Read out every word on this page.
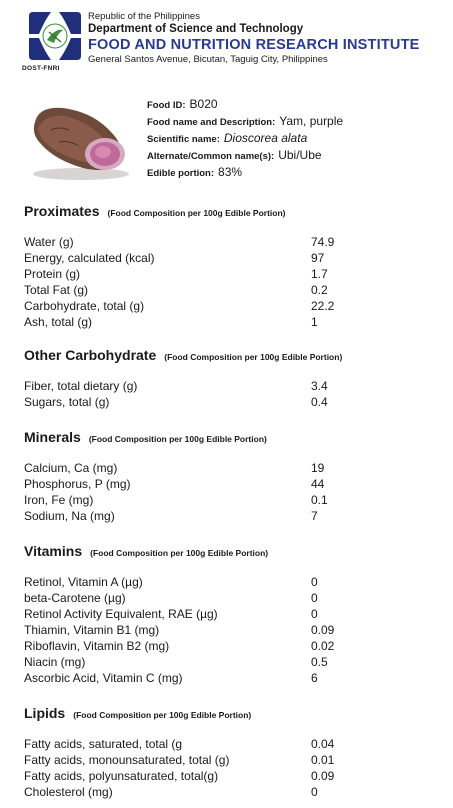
DOST-FNRI
Republic of the Philippines
Department of Science and Technology
FOOD AND NUTRITION RESEARCH INSTITUTE
General Santos Avenue, Bicutan, Taguig City, Philippines
Food ID: B020
Food name and Description: Yam, purple
Scientific name: Dioscorea alata
Alternate/Common name(s): Ubi/Ube
Edible portion: 83%
Proximates (Food Composition per 100g Edible Portion)
Water (g)	74.9
Energy, calculated (kcal)	97
Protein (g)	1.7
Total Fat (g)	0.2
Carbohydrate, total (g)	22.2
Ash, total (g)	1
Other Carbohydrate (Food Composition per 100g Edible Portion)
Fiber, total dietary (g)	3.4
Sugars, total (g)	0.4
Minerals (Food Composition per 100g Edible Portion)
Calcium, Ca (mg)	19
Phosphorus, P (mg)	44
Iron, Fe (mg)	0.1
Sodium, Na (mg)	7
Vitamins (Food Composition per 100g Edible Portion)
Retinol, Vitamin A (µg)	0
beta-Carotene (µg)	0
Retinol Activity Equivalent, RAE (µg)	0
Thiamin, Vitamin B1 (mg)	0.09
Riboflavin, Vitamin B2 (mg)	0.02
Niacin (mg)	0.5
Ascorbic Acid, Vitamin C (mg)	6
Lipids (Food Composition per 100g Edible Portion)
Fatty acids, saturated, total (g	0.04
Fatty acids, monounsaturated, total (g)	0.01
Fatty acids, polyunsaturated, total(g)	0.09
Cholesterol (mg)	0
